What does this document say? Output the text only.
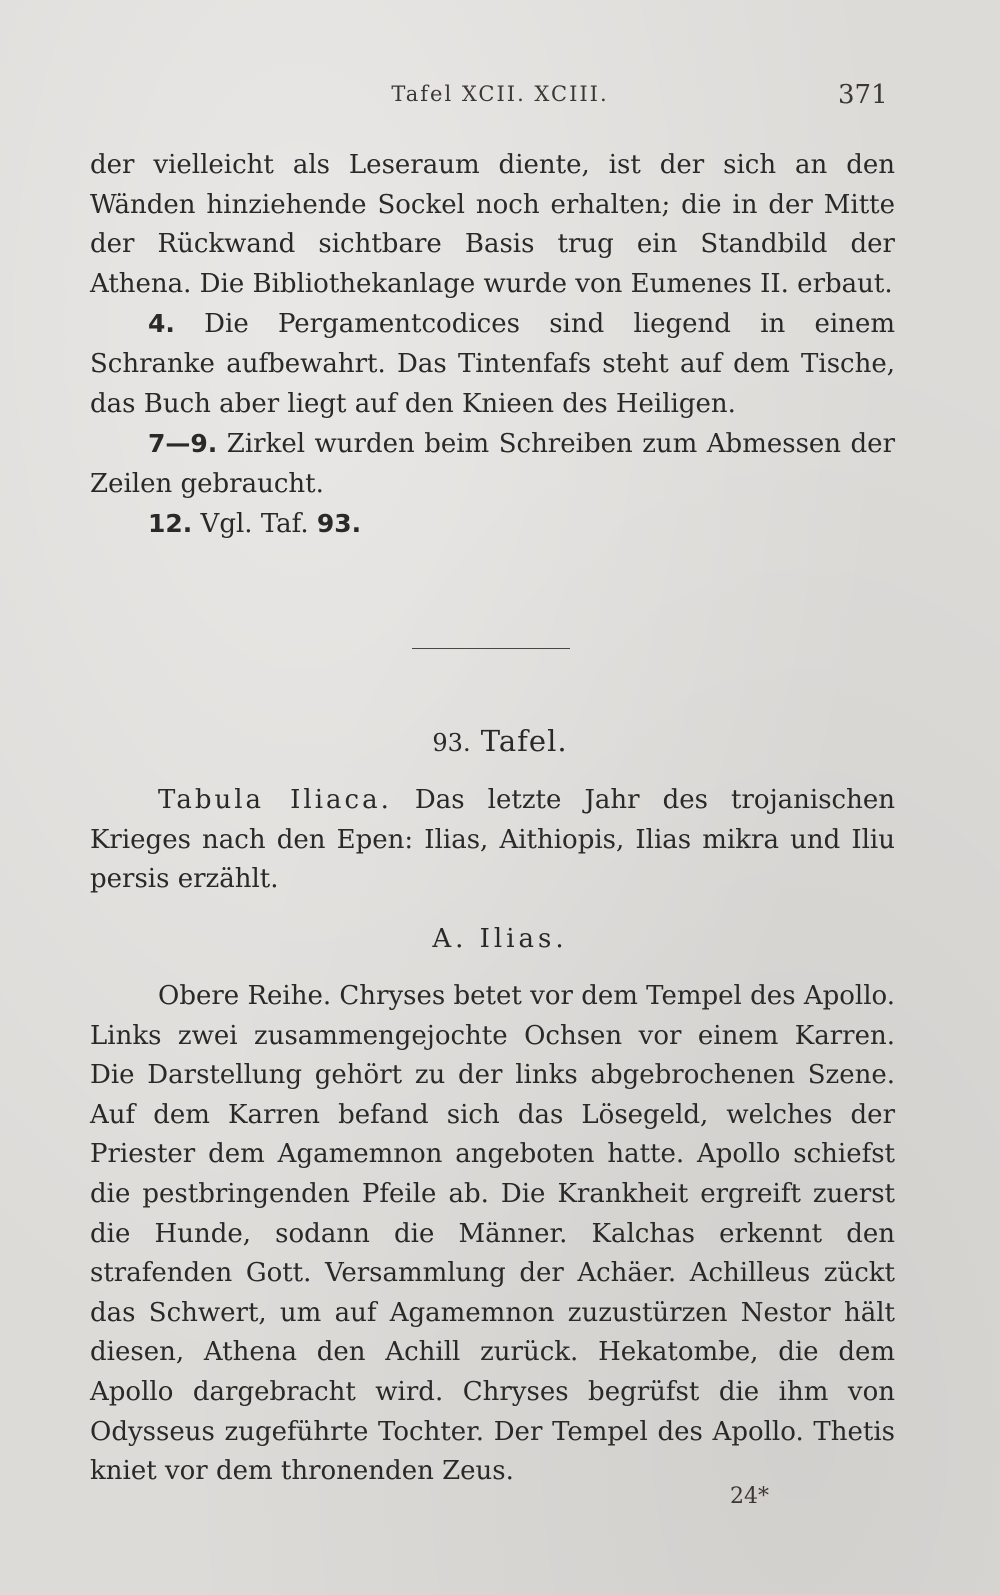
Tafel XCII. XCIII.	371
der vielleicht als Leseraum diente, ist der sich an den Wänden hinziehende Sockel noch erhalten; die in der Mitte der Rückwand sichtbare Basis trug ein Standbild der Athena. Die Bibliothekanlage wurde von Eumenes II. erbaut.
4. Die Pergamentcodices sind liegend in einem Schranke aufbewahrt. Das Tintenfafs steht auf dem Tische, das Buch aber liegt auf den Knieen des Heiligen.
7—9. Zirkel wurden beim Schreiben zum Abmessen der Zeilen gebraucht.
12. Vgl. Taf. 93.
93. Tafel.

Tabula Iliaca. Das letzte Jahr des trojanischen Krieges nach den Epen: Ilias, Aithiopis, Ilias mikra und Iliu persis erzählt.

A. Ilias.

Obere Reihe. Chryses betet vor dem Tempel des Apollo. Links zwei zusammengejochte Ochsen vor einem Karren. Die Darstellung gehört zu der links abgebrochenen Szene. Auf dem Karren befand sich das Lösegeld, welches der Priester dem Agamemnon angeboten hatte. Apollo schiefst die pestbringenden Pfeile ab. Die Krankheit ergreift zuerst die Hunde, sodann die Männer. Kalchas erkennt den strafenden Gott. Versammlung der Achäer. Achilleus zückt das Schwert, um auf Agamemnon zuzustürzen Nestor hält diesen, Athena den Achill zurück. Hekatombe, die dem Apollo dargebracht wird. Chryses begrüfst die ihm von Odysseus zugeführte Tochter. Der Tempel des Apollo. Thetis kniet vor dem thronenden Zeus.

24*
